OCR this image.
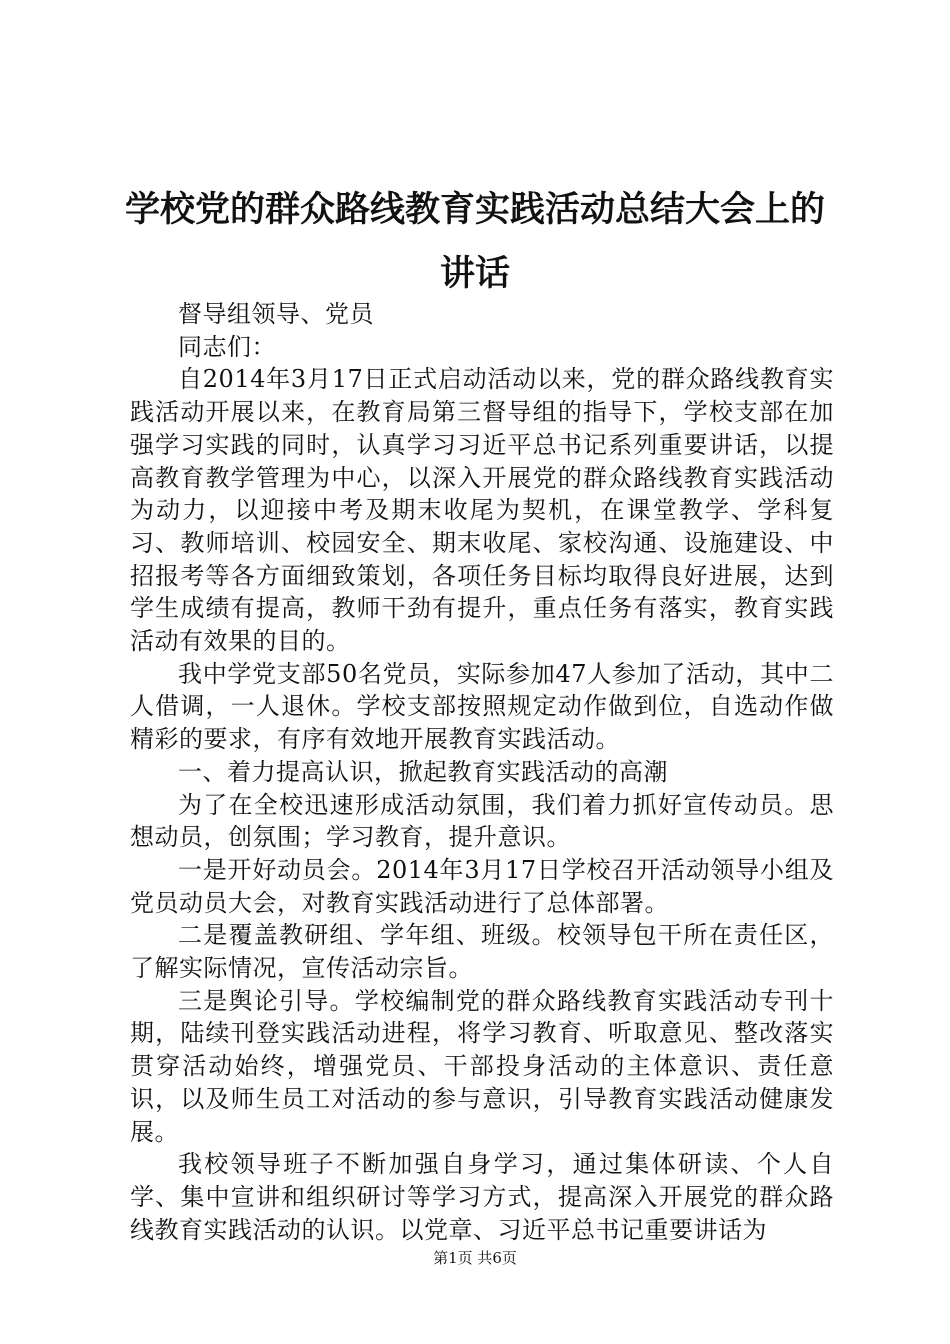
学校党的群众路线教育实践活动总结大会上的
讲话

督导组领导、党员

同志们：

自2014年3月17日正式启动活动以来，党的群众路线教育实践活动开展以来，在教育局第三督导组的指导下，学校支部在加强学习实践的同时，认真学习习近平总书记系列重要讲话，以提高教育教学管理为中心，以深入开展党的群众路线教育实践活动为动力，以迎接中考及期末收尾为契机，在课堂教学、学科复习、教师培训、校园安全、期末收尾、家校沟通、设施建设、中招报考等各方面细致策划，各项任务目标均取得良好进展，达到学生成绩有提高，教师干劲有提升，重点任务有落实，教育实践活动有效果的目的。

我中学党支部50名党员，实际参加47人参加了活动，其中二人借调，一人退休。学校支部按照规定动作做到位，自选动作做精彩的要求，有序有效地开展教育实践活动。

一、着力提高认识，掀起教育实践活动的高潮

为了在全校迅速形成活动氛围，我们着力抓好宣传动员。思想动员，创氛围；学习教育，提升意识。

一是开好动员会。2014年3月17日学校召开活动领导小组及党员动员大会，对教育实践活动进行了总体部署。

二是覆盖教研组、学年组、班级。校领导包干所在责任区，了解实际情况，宣传活动宗旨。

三是舆论引导。学校编制党的群众路线教育实践活动专刊十期，陆续刊登实践活动进程，将学习教育、听取意见、整改落实贯穿活动始终，增强党员、干部投身活动的主体意识、责任意识，以及师生员工对活动的参与意识，引导教育实践活动健康发展。

我校领导班子不断加强自身学习，通过集体研读、个人自学、集中宣讲和组织研讨等学习方式，提高深入开展党的群众路线教育实践活动的认识。以党章、习近平总书记重要讲话为

第1页 共6页
